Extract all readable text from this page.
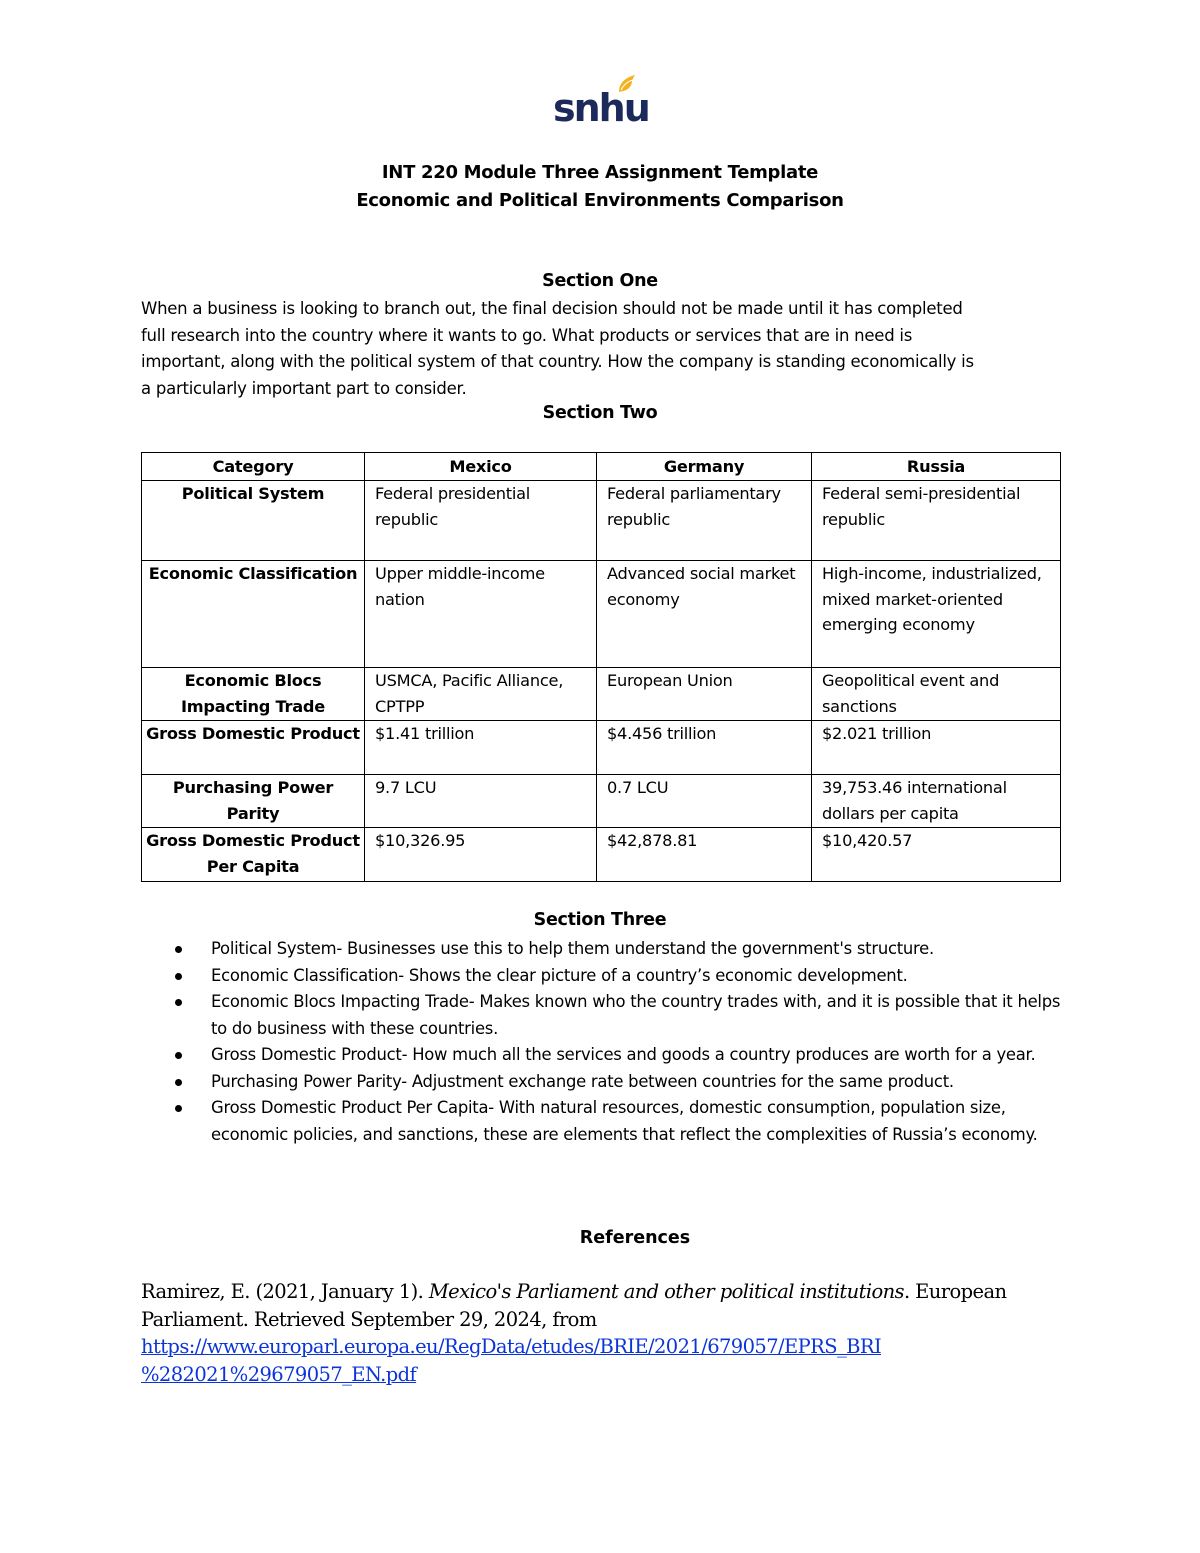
snhu
INT 220 Module Three Assignment Template
Economic and Political Environments Comparison
Section One
When a business is looking to branch out, the final decision should not be made until it has completed
full research into the country where it wants to go. What products or services that are in need is
important, along with the political system of that country. How the company is standing economically is
a particularly important part to consider.
Section Two
Category	Mexico	Germany	Russia
Political System	Federal presidential republic	Federal parliamentary republic	Federal semi-presidential republic
Economic Classification	Upper middle-income nation	Advanced social market economy	High-income, industrialized, mixed market-oriented emerging economy
Economic Blocs Impacting Trade	USMCA, Pacific Alliance, CPTPP	European Union	Geopolitical event and sanctions
Gross Domestic Product	$1.41 trillion	$4.456 trillion	$2.021 trillion
Purchasing Power Parity	9.7 LCU	0.7 LCU	39,753.46 international dollars per capita
Gross Domestic Product Per Capita	$10,326.95	$42,878.81	$10,420.57
Section Three
Political System- Businesses use this to help them understand the government's structure.
Economic Classification- Shows the clear picture of a country’s economic development.
Economic Blocs Impacting Trade- Makes known who the country trades with, and it is possible that it helps to do business with these countries.
Gross Domestic Product- How much all the services and goods a country produces are worth for a year.
Purchasing Power Parity- Adjustment exchange rate between countries for the same product.
Gross Domestic Product Per Capita- With natural resources, domestic consumption, population size, economic policies, and sanctions, these are elements that reflect the complexities of Russia’s economy.
References
Ramirez, E. (2021, January 1). Mexico's Parliament and other political institutions. European Parliament. Retrieved September 29, 2024, from
https://www.europarl.europa.eu/RegData/etudes/BRIE/2021/679057/EPRS_BRI
%282021%29679057_EN.pdf
